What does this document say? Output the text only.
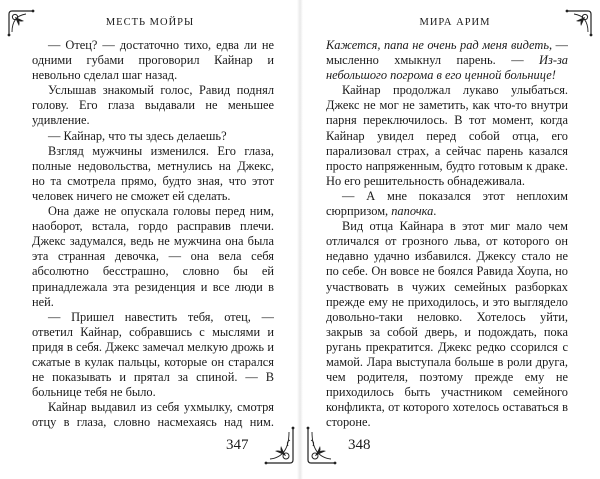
МЕСТЬ МОЙРЫ

— Отец? — достаточно тихо, едва ли не одними губами проговорил Кайнар и невольно сделал шаг назад.

Услышав знакомый голос, Равид поднял голову. Его глаза выдавали не меньшее удивление.

— Кайнар, что ты здесь делаешь?

Взгляд мужчины изменился. Его глаза, полные недовольства, метнулись на Джекс, но та смотрела прямо, будто зная, что этот человек ничего не сможет ей сделать.

Она даже не опускала головы перед ним, наоборот, встала, гордо расправив плечи. Джекс задумался, ведь не мужчина она была эта странная девочка, — она вела себя абсолютно бесстрашно, словно бы ей принадлежала эта резиденция и все люди в ней.

— Пришел навестить тебя, отец, — ответил Кайнар, собравшись с мыслями и придя в себя. Джекс замечал мелкую дрожь и сжатые в кулак пальцы, которые он старался не показывать и прятал за спиной. — В больнице тебя не было.

Кайнар выдавил из себя ухмылку, смотря отцу в глаза, словно насмехаясь над ним.

347
МИРА АРИМ

Кажется, папа не очень рад меня видеть, — мысленно хмыкнул парень. — Из-за небольшого погрома в его ценной больнице!

Кайнар продолжал лукаво улыбаться. Джекс не мог не заметить, как что-то внутри парня переключилось. В тот момент, когда Кайнар увидел перед собой отца, его парализовал страх, а сейчас парень казался просто напряженным, будто готовым к драке. Но его решительность обнадеживала.

— А мне показался этот неплохим сюрпризом, папочка.

Вид отца Кайнара в этот миг мало чем отличался от грозного льва, от которого он недавно удачно избавился. Джексу стало не по себе. Он вовсе не боялся Равида Хоупа, но участвовать в чужих семейных разборках прежде ему не приходилось, и это выглядело довольно-таки неловко. Хотелось уйти, закрыв за собой дверь, и подождать, пока ругань прекратится. Джекс редко ссорился с мамой. Лара выступала больше в роли друга, чем родителя, поэтому прежде ему не приходилось быть участником семейного конфликта, от которого хотелось оставаться в стороне.

348
